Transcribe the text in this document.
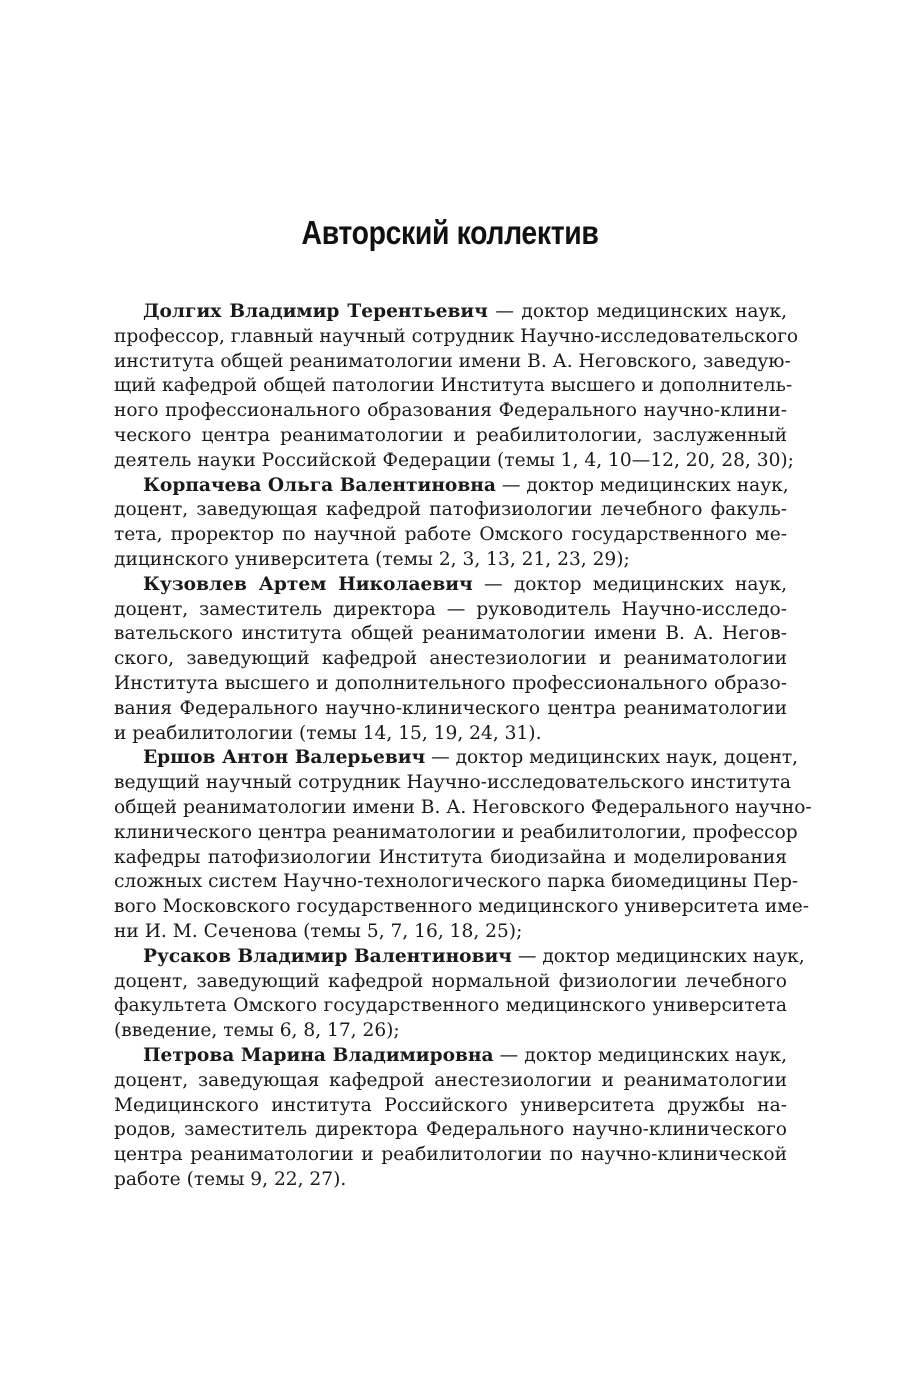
Авторский коллектив
Долгих Владимир Терентьевич — доктор медицинских наук,
профессор, главный научный сотрудник Научно-исследовательского
института общей реаниматологии имени В. А. Неговского, заведую-
щий кафедрой общей патологии Института высшего и дополнитель-
ного профессионального образования Федерального научно-клини-
ческого центра реаниматологии и реабилитологии, заслуженный
деятель науки Российской Федерации (темы 1, 4, 10—12, 20, 28, 30);
Корпачева Ольга Валентиновна — доктор медицинских наук,
доцент, заведующая кафедрой патофизиологии лечебного факуль-
тета, проректор по научной работе Омского государственного ме-
дицинского университета (темы 2, 3, 13, 21, 23, 29);
Кузовлев Артем Николаевич — доктор медицинских наук,
доцент, заместитель директора — руководитель Научно-исследо-
вательского института общей реаниматологии имени В. А. Негов-
ского, заведующий кафедрой анестезиологии и реаниматологии
Института высшего и дополнительного профессионального образо-
вания Федерального научно-клинического центра реаниматологии
и реабилитологии (темы 14, 15, 19, 24, 31).
Ершов Антон Валерьевич — доктор медицинских наук, доцент,
ведущий научный сотрудник Научно-исследовательского института
общей реаниматологии имени В. А. Неговского Федерального научно-
клинического центра реаниматологии и реабилитологии, профессор
кафедры патофизиологии Института биодизайна и моделирования
сложных систем Научно-технологического парка биомедицины Пер-
вого Московского государственного медицинского университета име-
ни И. М. Сеченова (темы 5, 7, 16, 18, 25);
Русаков Владимир Валентинович — доктор медицинских наук,
доцент, заведующий кафедрой нормальной физиологии лечебного
факультета Омского государственного медицинского университета
(введение, темы 6, 8, 17, 26);
Петрова Марина Владимировна — доктор медицинских наук,
доцент, заведующая кафедрой анестезиологии и реаниматологии
Медицинского института Российского университета дружбы на-
родов, заместитель директора Федерального научно-клинического
центра реаниматологии и реабилитологии по научно-клинической
работе (темы 9, 22, 27).
